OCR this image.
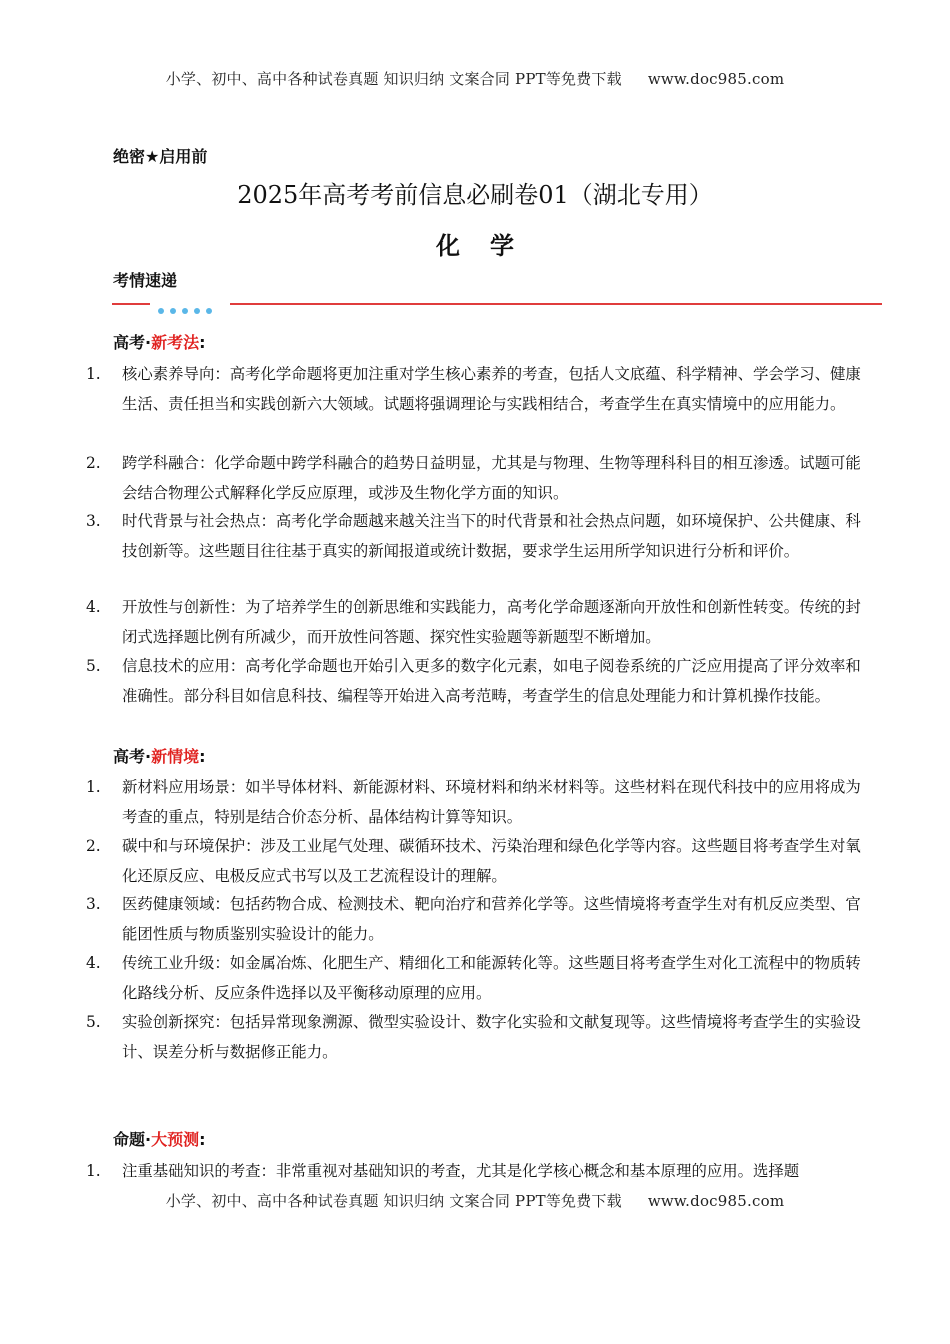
小学、初中、高中各种试卷真题 知识归纳 文案合同 PPT等免费下载 www.doc985.com
绝密★启用前
2025年高考考前信息必刷卷01（湖北专用）
化学
考情速递
高考·新考法:
1.	核心素养导向：高考化学命题将更加注重对学生核心素养的考查，包括人文底蕴、科学精神、学会学习、健康生活、责任担当和实践创新六大领域。试题将强调理论与实践相结合，考查学生在真实情境中的应用能力。
2.	跨学科融合：化学命题中跨学科融合的趋势日益明显，尤其是与物理、生物等理科科目的相互渗透。试题可能会结合物理公式解释化学反应原理，或涉及生物化学方面的知识。
3.	时代背景与社会热点：高考化学命题越来越关注当下的时代背景和社会热点问题，如环境保护、公共健康、科技创新等。这些题目往往基于真实的新闻报道或统计数据，要求学生运用所学知识进行分析和评价。
4.	开放性与创新性：为了培养学生的创新思维和实践能力，高考化学命题逐渐向开放性和创新性转变。传统的封闭式选择题比例有所减少，而开放性问答题、探究性实验题等新题型不断增加。
5.	信息技术的应用：高考化学命题也开始引入更多的数字化元素，如电子阅卷系统的广泛应用提高了评分效率和准确性。部分科目如信息科技、编程等开始进入高考范畴，考查学生的信息处理能力和计算机操作技能。
高考·新情境:
1.	新材料应用场景：如半导体材料、新能源材料、环境材料和纳米材料等。这些材料在现代科技中的应用将成为考查的重点，特别是结合价态分析、晶体结构计算等知识。
2.	碳中和与环境保护：涉及工业尾气处理、碳循环技术、污染治理和绿色化学等内容。这些题目将考查学生对氧化还原反应、电极反应式书写以及工艺流程设计的理解。
3.	医药健康领域：包括药物合成、检测技术、靶向治疗和营养化学等。这些情境将考查学生对有机反应类型、官能团性质与物质鉴别实验设计的能力。
4.	传统工业升级：如金属冶炼、化肥生产、精细化工和能源转化等。这些题目将考查学生对化工流程中的物质转化路线分析、反应条件选择以及平衡移动原理的应用。
5.	实验创新探究：包括异常现象溯源、微型实验设计、数字化实验和文献复现等。这些情境将考查学生的实验设计、误差分析与数据修正能力。
命题·大预测:
1.	注重基础知识的考查：非常重视对基础知识的考查，尤其是化学核心概念和基本原理的应用。选择题
小学、初中、高中各种试卷真题 知识归纳 文案合同 PPT等免费下载 www.doc985.com
